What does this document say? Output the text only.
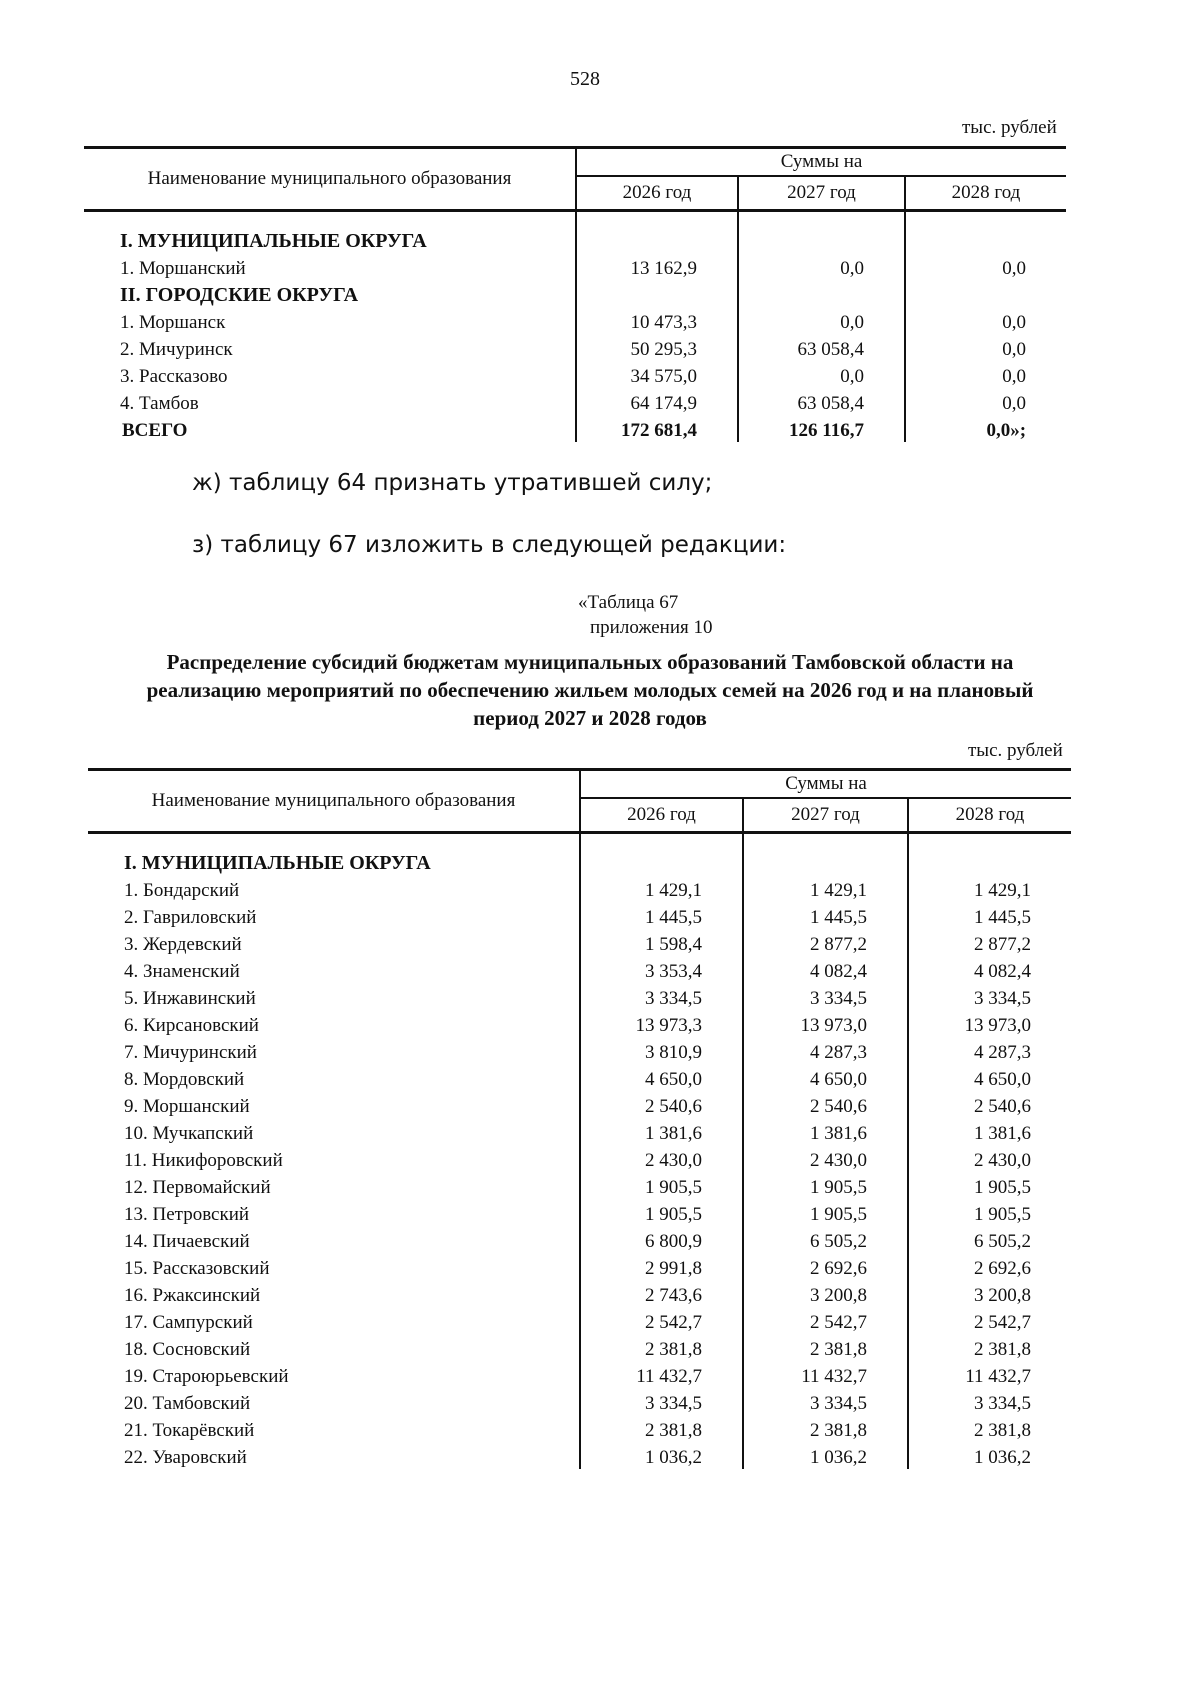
528
тыс. рублей
Наименование муниципального образования	Суммы на		
	2026 год	2027 год	2028 год

I. МУНИЦИПАЛЬНЫЕ ОКРУГА			
1. Моршанский	13 162,9	0,0	0,0
II. ГОРОДСКИЕ ОКРУГА			
1. Моршанск	10 473,3	0,0	0,0
2. Мичуринск	50 295,3	63 058,4	0,0
3. Рассказово	34 575,0	0,0	0,0
4. Тамбов	64 174,9	63 058,4	0,0
ВСЕГО	172 681,4	126 116,7	0,0»;
ж) таблицу 64 признать утратившей силу;
з) таблицу 67 изложить в следующей редакции:
«Таблица 67
приложения 10
Распределение субсидий бюджетам муниципальных образований Тамбовской области на реализацию мероприятий по обеспечению жильем молодых семей на 2026 год и на плановый период 2027 и 2028 годов
тыс. рублей
Наименование муниципального образования	Суммы на		
	2026 год	2027 год	2028 год

I. МУНИЦИПАЛЬНЫЕ ОКРУГА			
1. Бондарский	1 429,1	1 429,1	1 429,1
2. Гавриловский	1 445,5	1 445,5	1 445,5
3. Жердевский	1 598,4	2 877,2	2 877,2
4. Знаменский	3 353,4	4 082,4	4 082,4
5. Инжавинский	3 334,5	3 334,5	3 334,5
6. Кирсановский	13 973,3	13 973,0	13 973,0
7. Мичуринский	3 810,9	4 287,3	4 287,3
8. Мордовский	4 650,0	4 650,0	4 650,0
9. Моршанский	2 540,6	2 540,6	2 540,6
10. Мучкапский	1 381,6	1 381,6	1 381,6
11. Никифоровский	2 430,0	2 430,0	2 430,0
12. Первомайский	1 905,5	1 905,5	1 905,5
13. Петровский	1 905,5	1 905,5	1 905,5
14. Пичаевский	6 800,9	6 505,2	6 505,2
15. Рассказовский	2 991,8	2 692,6	2 692,6
16. Ржаксинский	2 743,6	3 200,8	3 200,8
17. Сампурский	2 542,7	2 542,7	2 542,7
18. Сосновский	2 381,8	2 381,8	2 381,8
19. Староюрьевский	11 432,7	11 432,7	11 432,7
20. Тамбовский	3 334,5	3 334,5	3 334,5
21. Токарёвский	2 381,8	2 381,8	2 381,8
22. Уваровский	1 036,2	1 036,2	1 036,2
